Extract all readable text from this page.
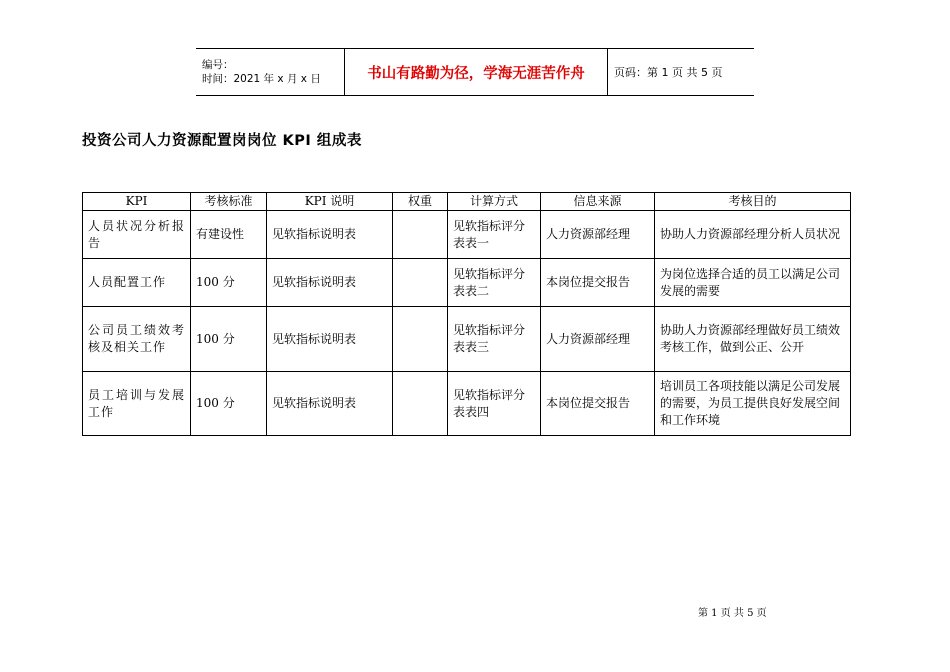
编号：
时间：2021 年 x 月 x 日	书山有路勤为径，学海无涯苦作舟	页码：第 1 页 共 5 页
投资公司人力资源配置岗岗位 KPI 组成表
KPI	考核标准	KPI 说明	权重	计算方式	信息来源	考核目的
人员状况分析报告	有建设性	见软指标说明表		见软指标评分表表一	人力资源部经理	协助人力资源部经理分析人员状况
人员配置工作	100 分	见软指标说明表		见软指标评分表表二	本岗位提交报告	为岗位选择合适的员工以满足公司发展的需要
公司员工绩效考核及相关工作	100 分	见软指标说明表		见软指标评分表表三	人力资源部经理	协助人力资源部经理做好员工绩效考核工作，做到公正、公开
员工培训与发展工作	100 分	见软指标说明表		见软指标评分表表四	本岗位提交报告	培训员工各项技能以满足公司发展的需要，为员工提供良好发展空间和工作环境
第 1 页 共 5 页
